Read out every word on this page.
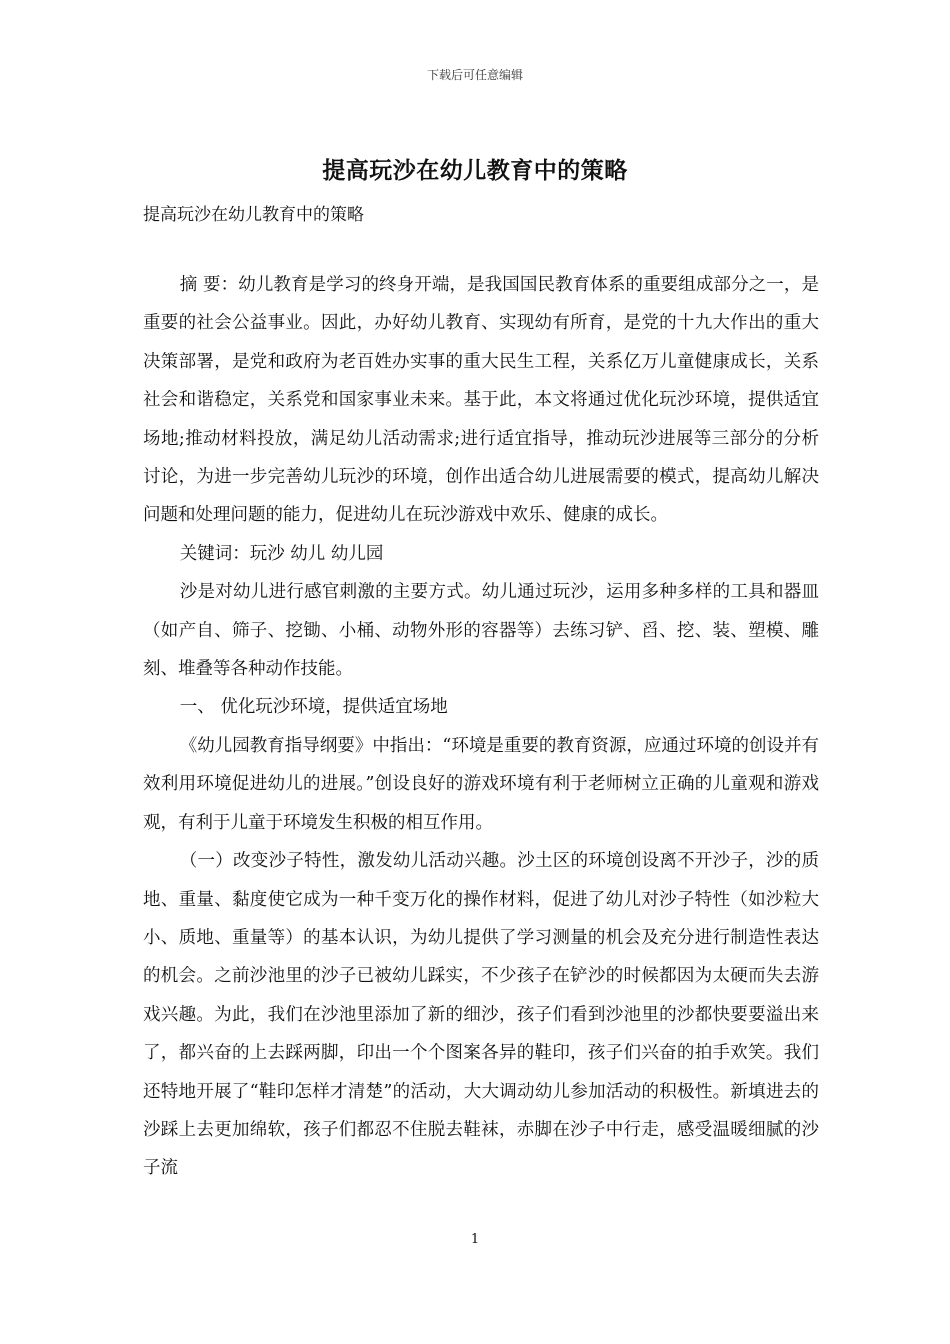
下载后可任意编辑
提高玩沙在幼儿教育中的策略
提高玩沙在幼儿教育中的策略

摘 要：幼儿教育是学习的终身开端，是我国国民教育体系的重要组成部分之一，是重要的社会公益事业。因此，办好幼儿教育、实现幼有所育，是党的十九大作出的重大决策部署，是党和政府为老百姓办实事的重大民生工程，关系亿万儿童健康成长，关系社会和谐稳定，关系党和国家事业未来。基于此，本文将通过优化玩沙环境，提供适宜场地;推动材料投放，满足幼儿活动需求;进行适宜指导，推动玩沙进展等三部分的分析讨论，为进一步完善幼儿玩沙的环境，创作出适合幼儿进展需要的模式，提高幼儿解决问题和处理问题的能力，促进幼儿在玩沙游戏中欢乐、健康的成长。

关键词：玩沙 幼儿 幼儿园

沙是对幼儿进行感官刺激的主要方式。幼儿通过玩沙，运用多种多样的工具和器皿（如产自、筛子、挖锄、小桶、动物外形的容器等）去练习铲、舀、挖、装、塑模、雕刻、堆叠等各种动作技能。

一、 优化玩沙环境，提供适宜场地

《幼儿园教育指导纲要》中指出：“环境是重要的教育资源，应通过环境的创设并有效利用环境促进幼儿的进展。”创设良好的游戏环境有利于老师树立正确的儿童观和游戏观，有利于儿童于环境发生积极的相互作用。

（一）改变沙子特性，激发幼儿活动兴趣。沙土区的环境创设离不开沙子，沙的质地、重量、黏度使它成为一种千变万化的操作材料，促进了幼儿对沙子特性（如沙粒大小、质地、重量等）的基本认识，为幼儿提供了学习测量的机会及充分进行制造性表达的机会。之前沙池里的沙子已被幼儿踩实，不少孩子在铲沙的时候都因为太硬而失去游戏兴趣。为此，我们在沙池里添加了新的细沙，孩子们看到沙池里的沙都快要要溢出来了，都兴奋的上去踩两脚，印出一个个图案各异的鞋印，孩子们兴奋的拍手欢笑。我们还特地开展了“鞋印怎样才清楚”的活动，大大调动幼儿参加活动的积极性。新填进去的沙踩上去更加绵软，孩子们都忍不住脱去鞋袜，赤脚在沙子中行走，感受温暖细腻的沙子流

1
